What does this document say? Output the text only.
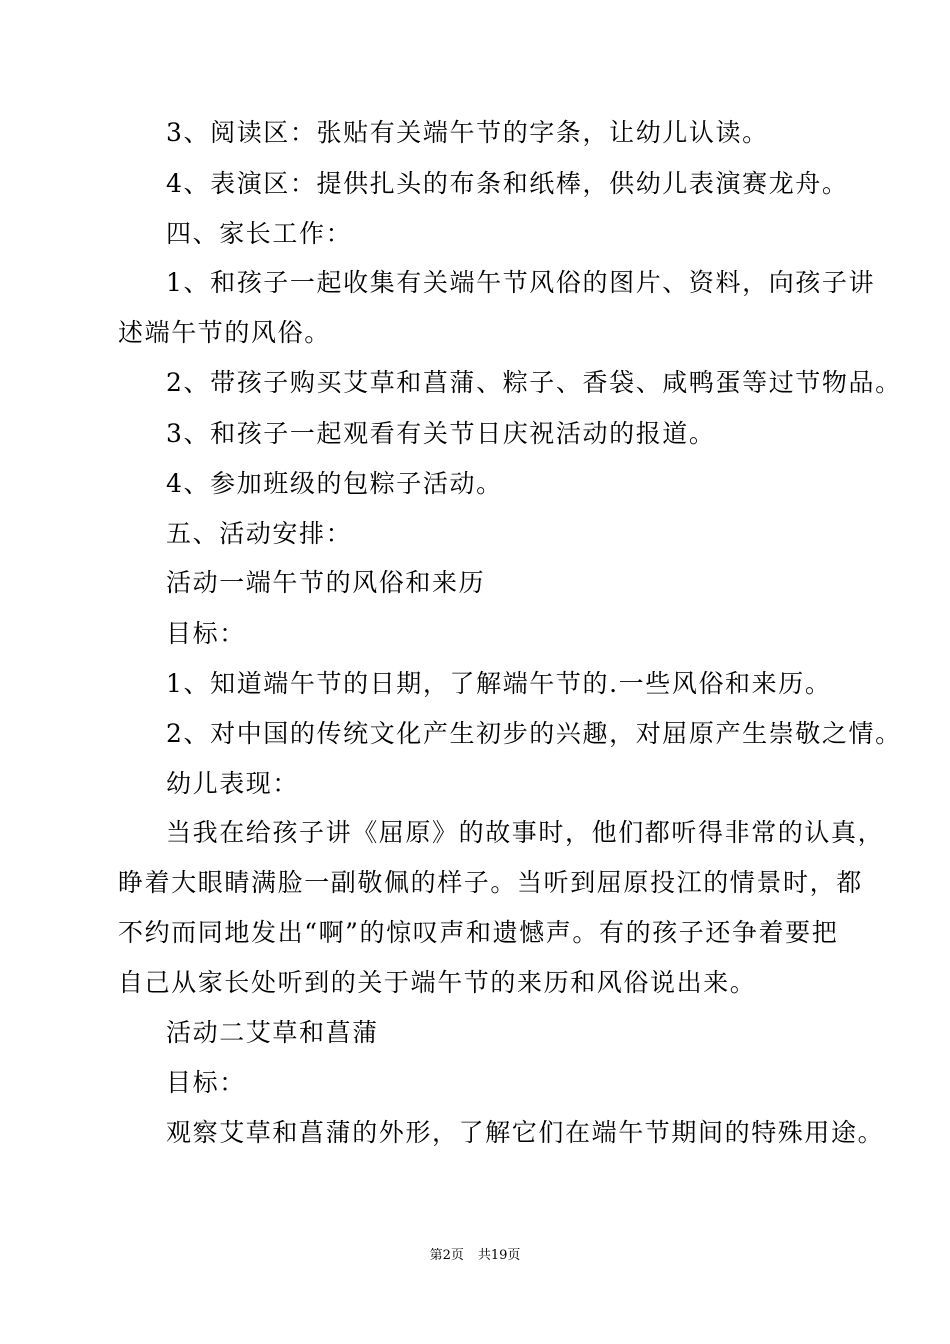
3、阅读区：张贴有关端午节的字条，让幼儿认读。
4、表演区：提供扎头的布条和纸棒，供幼儿表演赛龙舟。
四、家长工作：
1、和孩子一起收集有关端午节风俗的图片、资料，向孩子讲
述端午节的风俗。
2、带孩子购买艾草和菖蒲、粽子、香袋、咸鸭蛋等过节物品。
3、和孩子一起观看有关节日庆祝活动的报道。
4、参加班级的包粽子活动。
五、活动安排：
活动一端午节的风俗和来历
目标：
1、知道端午节的日期，了解端午节的.一些风俗和来历。
2、对中国的传统文化产生初步的兴趣，对屈原产生崇敬之情。
幼儿表现：
当我在给孩子讲《屈原》的故事时，他们都听得非常的认真，
睁着大眼睛满脸一副敬佩的样子。当听到屈原投江的情景时，都
不约而同地发出“啊”的惊叹声和遗憾声。有的孩子还争着要把
自己从家长处听到的关于端午节的来历和风俗说出来。
活动二艾草和菖蒲
目标：
观察艾草和菖蒲的外形，了解它们在端午节期间的特殊用途。
第2页 共19页
